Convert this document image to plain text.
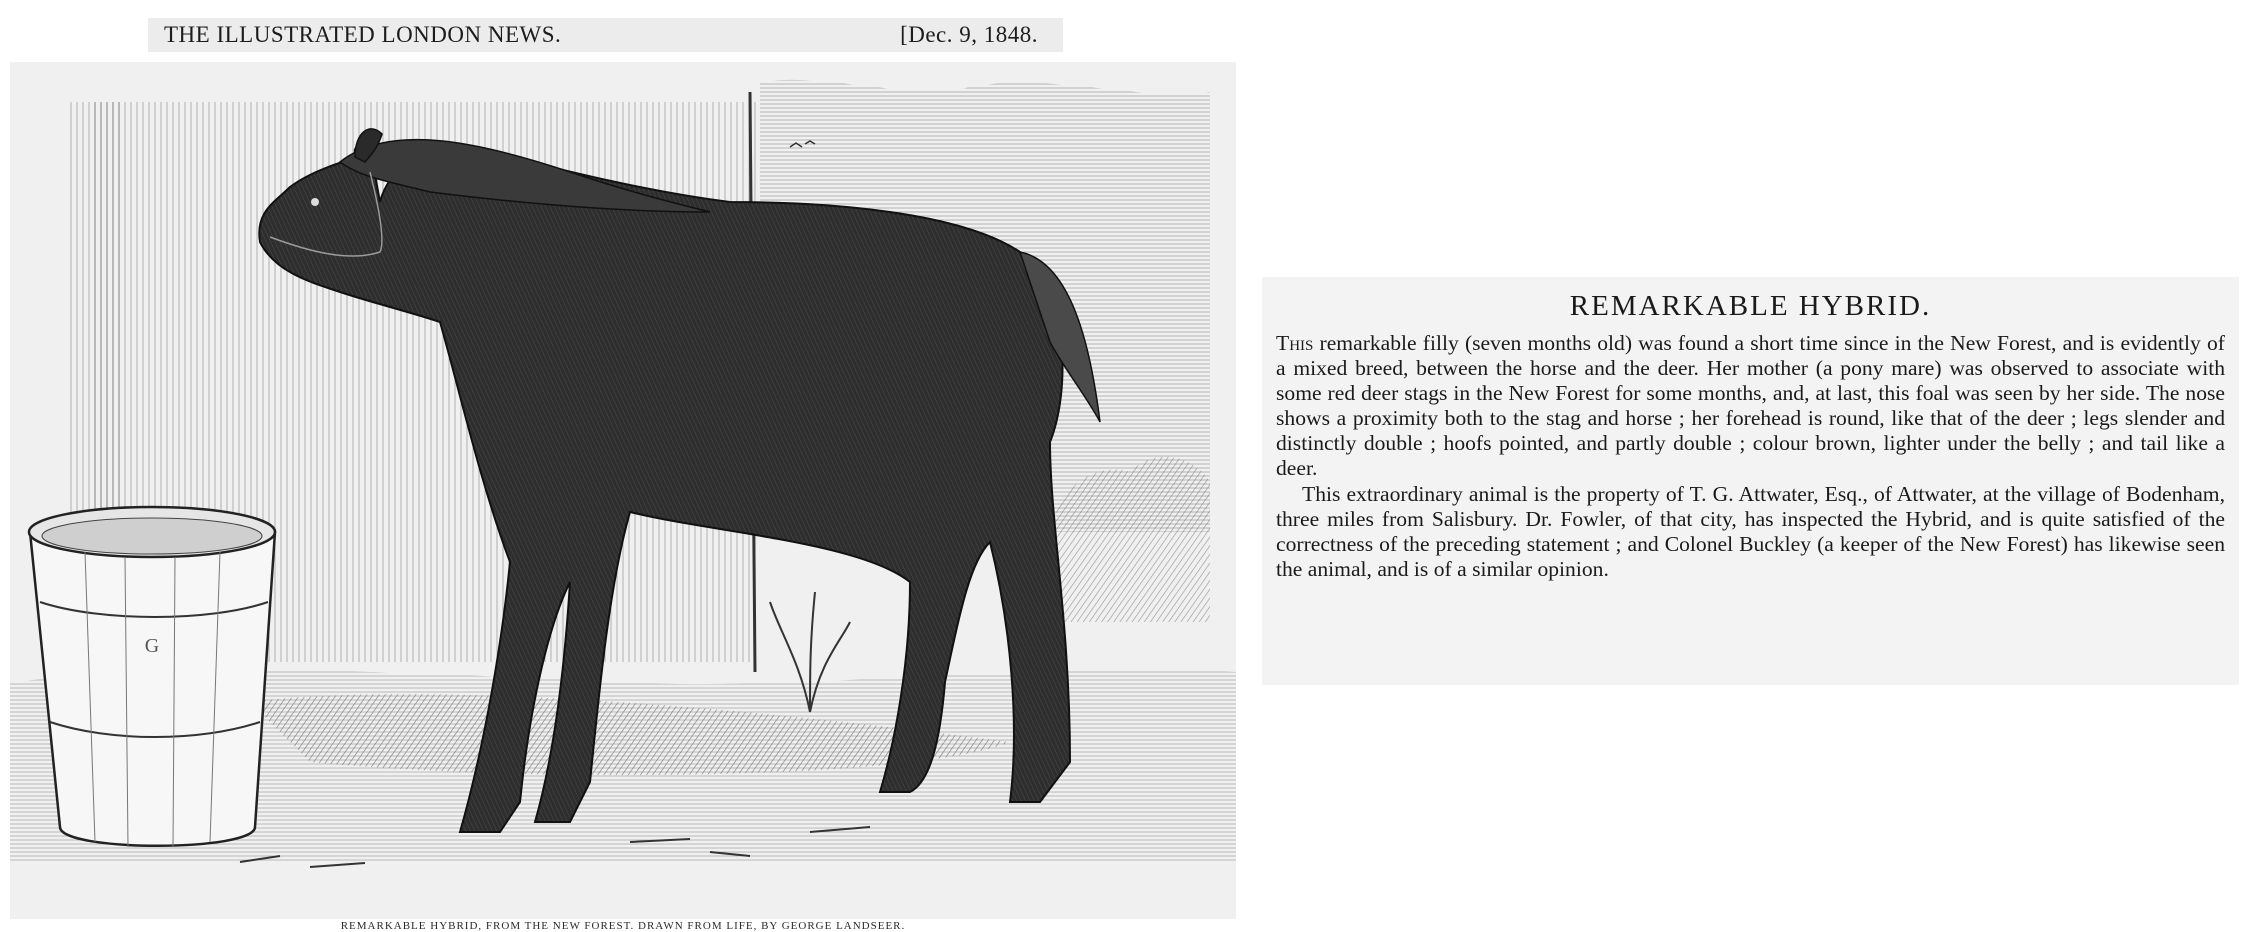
THE ILLUSTRATED LONDON NEWS.	[Dec. 9, 1848.
G
REMARKABLE HYBRID, FROM THE NEW FOREST. DRAWN FROM LIFE, BY GEORGE LANDSEER.
REMARKABLE HYBRID.

This remarkable filly (seven months old) was found a short time since in the New Forest, and is evidently of a mixed breed, between the horse and the deer. Her mother (a pony mare) was observed to associate with some red deer stags in the New Forest for some months, and, at last, this foal was seen by her side. The nose shows a proximity both to the stag and horse ; her forehead is round, like that of the deer ; legs slender and distinctly double ; hoofs pointed, and partly double ; colour brown, lighter under the belly ; and tail like a deer.

This extraordinary animal is the property of T. G. Attwater, Esq., of Attwater, at the village of Bodenham, three miles from Salisbury. Dr. Fowler, of that city, has inspected the Hybrid, and is quite satisfied of the correctness of the preceding statement ; and Colonel Buckley (a keeper of the New Forest) has likewise seen the animal, and is of a similar opinion.
